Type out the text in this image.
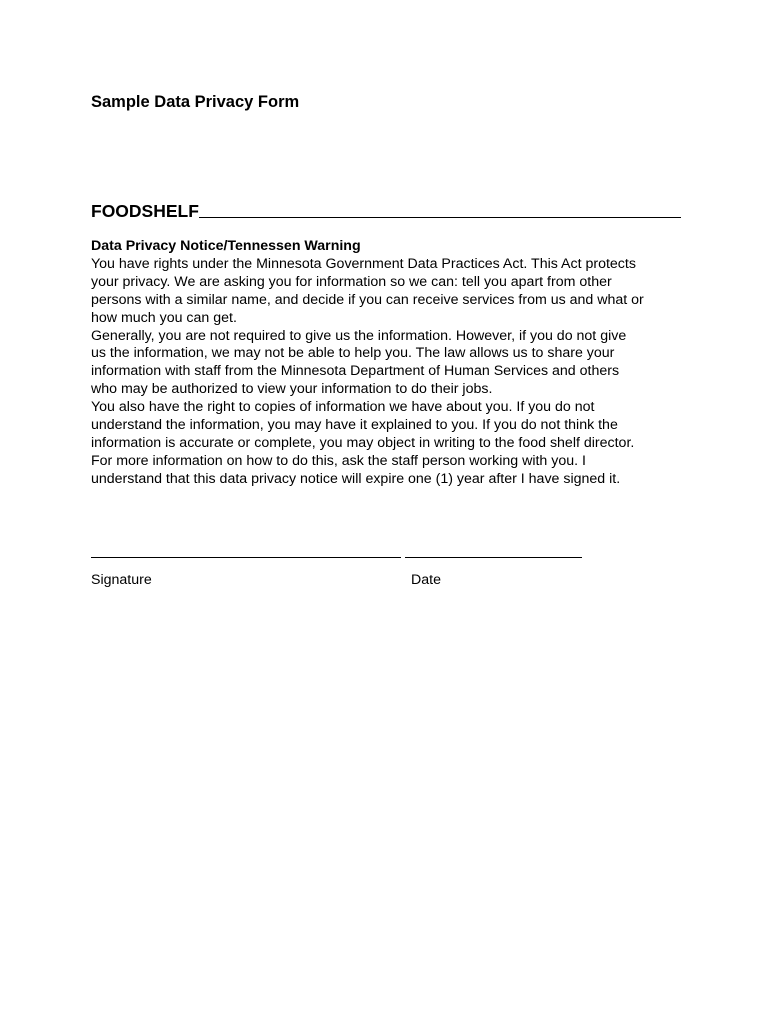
Sample Data Privacy Form
FOODSHELF

Data Privacy Notice/Tennessen Warning

You have rights under the Minnesota Government Data Practices Act. This Act protects

your privacy. We are asking you for information so we can: tell you apart from other

persons with a similar name, and decide if you can receive services from us and what or

how much you can get.

Generally, you are not required to give us the information. However, if you do not give

us the information, we may not be able to help you. The law allows us to share your

information with staff from the Minnesota Department of Human Services and others

who may be authorized to view your information to do their jobs.

You also have the right to copies of information we have about you. If you do not

understand the information, you may have it explained to you. If you do not think the

information is accurate or complete, you may object in writing to the food shelf director.

For more information on how to do this, ask the staff person working with you. I

understand that this data privacy notice will expire one (1) year after I have signed it.

Signature	Date
